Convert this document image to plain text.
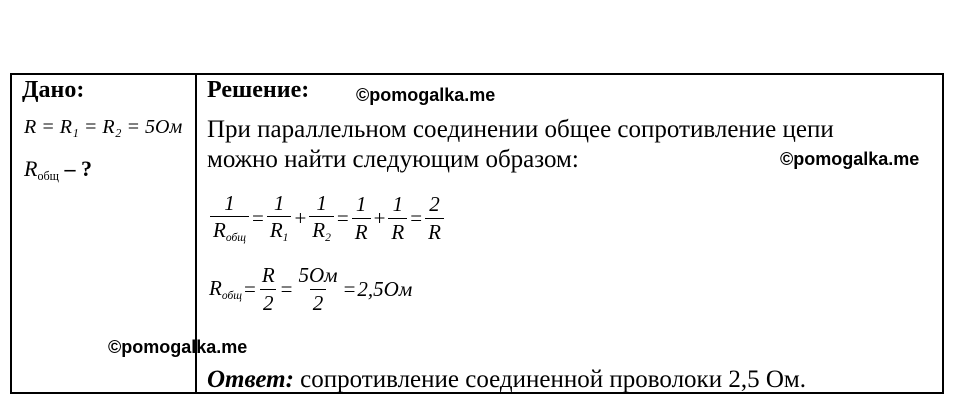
Дано:
R = R₁ = R₂ = 5Ом
$R_{общ}$ – ?
Решение:	©pomogalka.me
©pomogalka.me
©pomogalka.me
При параллельном соединении общее сопротивление цепи
можно найти следующим образом:
$\frac{1}{R_{общ}} = \frac{1}{R_1} + \frac{1}{R_2} = \frac{1}{R} + \frac{1}{R} = \frac{2}{R}$
$R_{общ} = \frac{R}{2} = \frac{5Ом}{2} = 2,5Ом$
Ответ: сопротивление соединенной проволоки 2,5 Ом.
